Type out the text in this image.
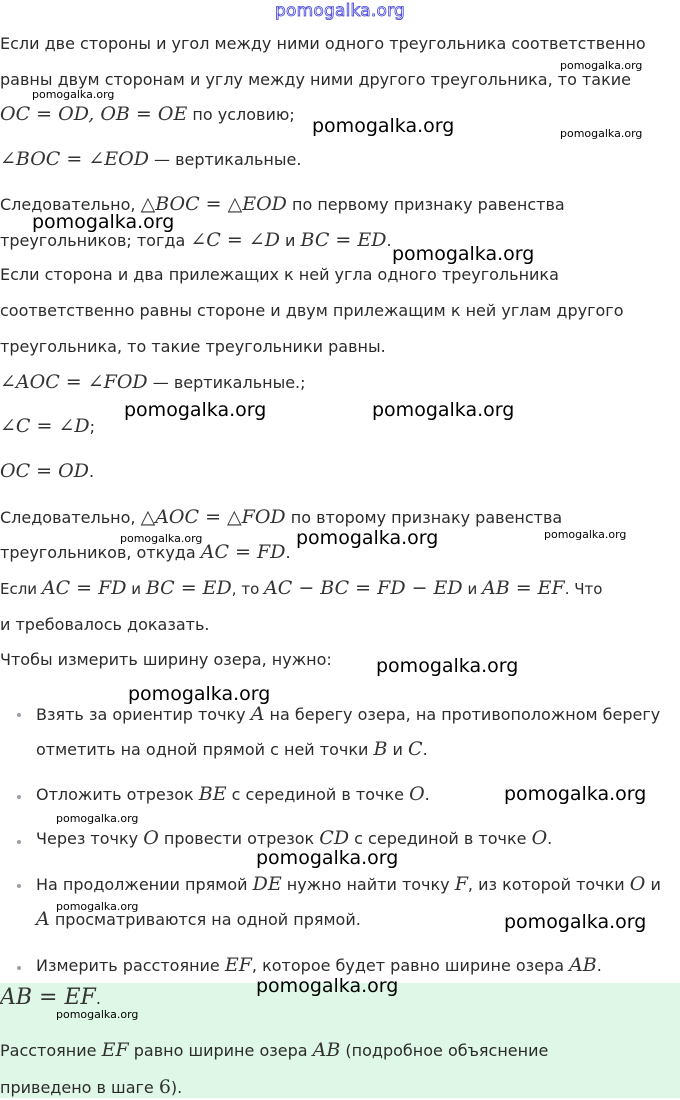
pomogalka.org
Если две стороны и угол между ними одного треугольника соответственно
равны двум сторонам и углу между ними другого треугольника, то такие
OC = OD, OB = OE по условию;
∠BOC = ∠EOD — вертикальные.
Следовательно, △BOC = △EOD по первому признаку равенства
треугольников; тогда ∠C = ∠D и BC = ED.
Если сторона и два прилежащих к ней угла одного треугольника
соответственно равны стороне и двум прилежащим к ней углам другого
треугольника, то такие треугольники равны.
∠AOC = ∠FOD — вертикальные.;
∠C = ∠D;
OC = OD.
Следовательно, △AOC = △FOD по второму признаку равенства
треугольников, откуда AC = FD.
Если AC = FD и BC = ED, то AC − BC = FD − ED и AB = EF. Что
и требовалось доказать.
Чтобы измерить ширину озера, нужно:
Взять за ориентир точку A на берегу озера, на противоположном берегу
отметить на одной прямой с ней точки B и C.
Отложить отрезок BE с серединой в точке O.
Через точку O провести отрезок CD с серединой в точке O.
На продолжении прямой DE нужно найти точку F, из которой точки O и
A просматриваются на одной прямой.
Измерить расстояние EF, которое будет равно ширине озера AB.
AB = EF.
Расстояние EF равно ширине озера AB (подробное объяснение
приведено в шаге 6).
pomogalka.org
pomogalka.org
pomogalka.org	pomogalka.org
pomogalka.org
pomogalka.org
pomogalka.org	pomogalka.org
pomogalka.org	pomogalka.org	pomogalka.org
pomogalka.org
pomogalka.org
pomogalka.org
pomogalka.org
pomogalka.org
pomogalka.org
pomogalka.org
pomogalka.org
pomogalka.org
